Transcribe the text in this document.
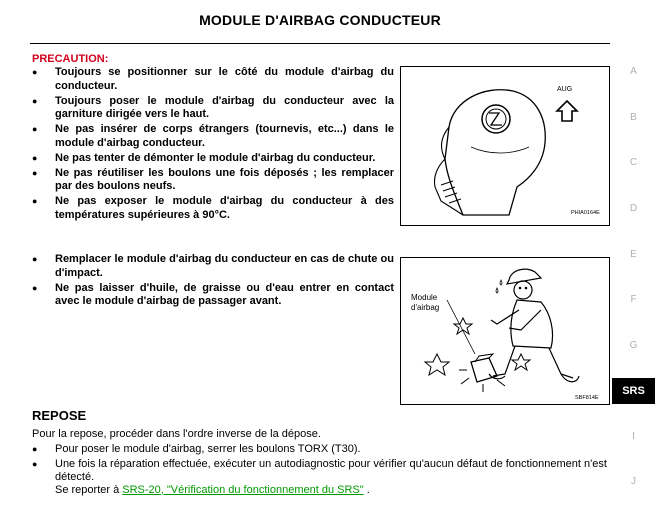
MODULE D'AIRBAG CONDUCTEUR
PRECAUTION:
● Toujours se positionner sur le côté du module d'airbag du conducteur.
● Toujours poser le module d'airbag du conducteur avec la garniture dirigée vers le haut.
● Ne pas insérer de corps étrangers (tournevis, etc...) dans le module d'airbag conducteur.
● Ne pas tenter de démonter le module d'airbag du conducteur.
● Ne pas réutiliser les boulons une fois déposés ; les remplacer par des boulons neufs.
● Ne pas exposer le module d'airbag du conducteur à des températures supérieures à 90°C.
● Remplacer le module d'airbag du conducteur en cas de chute ou d'impact.
● Ne pas laisser d'huile, de graisse ou d'eau entrer en contact avec le module d'airbag de passager avant.
AUG
PHIA0164E
Module
d'airbag
SBF814E
REPOSE
Pour la repose, procéder dans l'ordre inverse de la dépose.
● Pour poser le module d'airbag, serrer les boulons TORX (T30).
● Une fois la réparation effectuée, exécuter un autodiagnostic pour vérifier qu'aucun défaut de fonctionnement n'est détecté.
Se reporter à SRS-20, "Vérification du fonctionnement du SRS" .
A
B
C
D
E
F
G
SRS
I
J
